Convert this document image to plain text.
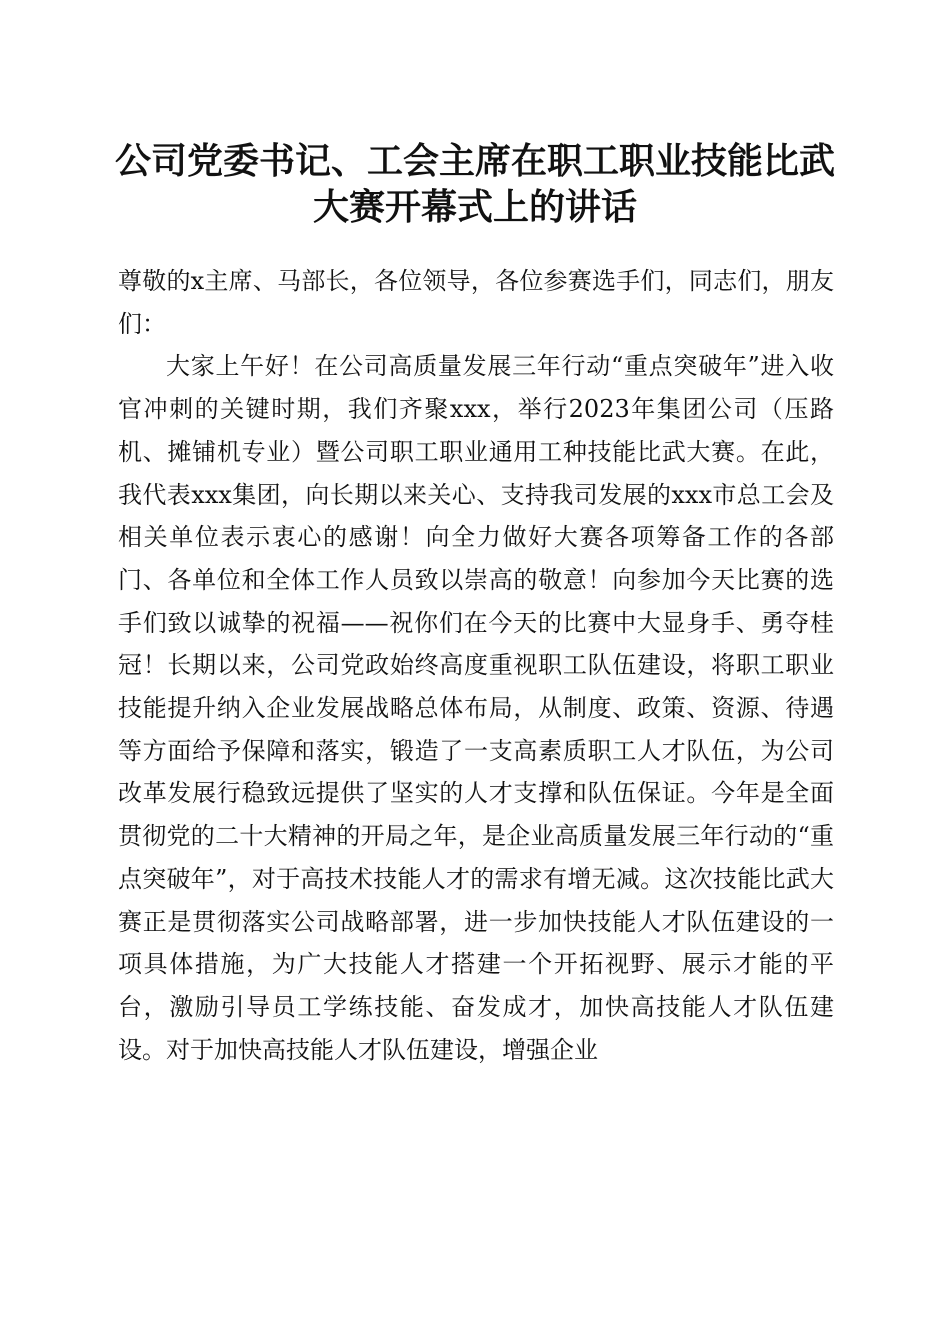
公司党委书记、工会主席在职工职业技能比武
大赛开幕式上的讲话

尊敬的x主席、马部长，各位领导，各位参赛选手们，同志们，朋友们：

大家上午好！在公司高质量发展三年行动“重点突破年”进入收官冲刺的关键时期，我们齐聚xxx，举行2023年集团公司（压路机、摊铺机专业）暨公司职工职业通用工种技能比武大赛。在此，我代表xxx集团，向长期以来关心、支持我司发展的xxx市总工会及相关单位表示衷心的感谢！向全力做好大赛各项筹备工作的各部门、各单位和全体工作人员致以崇高的敬意！向参加今天比赛的选手们致以诚挚的祝福——祝你们在今天的比赛中大显身手、勇夺桂冠！长期以来，公司党政始终高度重视职工队伍建设，将职工职业技能提升纳入企业发展战略总体布局，从制度、政策、资源、待遇等方面给予保障和落实，锻造了一支高素质职工人才队伍，为公司改革发展行稳致远提供了坚实的人才支撑和队伍保证。今年是全面贯彻党的二十大精神的开局之年，是企业高质量发展三年行动的“重点突破年”，对于高技术技能人才的需求有增无减。这次技能比武大赛正是贯彻落实公司战略部署，进一步加快技能人才队伍建设的一项具体措施，为广大技能人才搭建一个开拓视野、展示才能的平台，激励引导员工学练技能、奋发成才，加快高技能人才队伍建设。对于加快高技能人才队伍建设，增强企业
